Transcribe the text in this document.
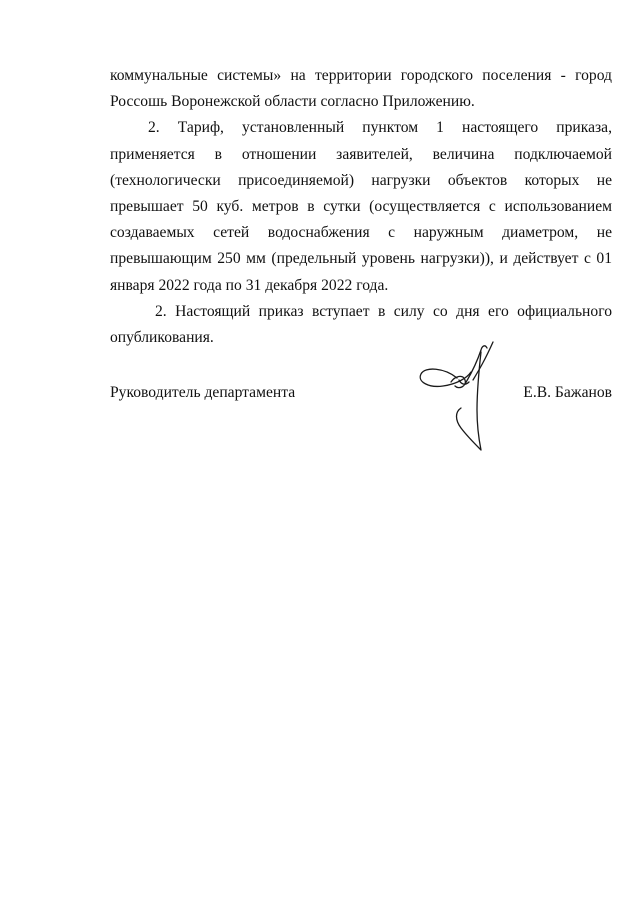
коммунальные системы» на территории городского поселения - город Россошь Воронежской области согласно Приложению.

2. Тариф, установленный пунктом 1 настоящего приказа, применяется в отношении заявителей, величина подключаемой (технологически присоединяемой) нагрузки объектов которых не превышает 50 куб. метров в сутки (осуществляется с использованием создаваемых сетей водоснабжения с наружным диаметром, не превышающим 250 мм (предельный уровень нагрузки)), и действует с 01 января 2022 года по 31 декабря 2022 года.

2. Настоящий приказ вступает в силу со дня его официального опубликования.

Руководитель департамента	Е.В. Бажанов
